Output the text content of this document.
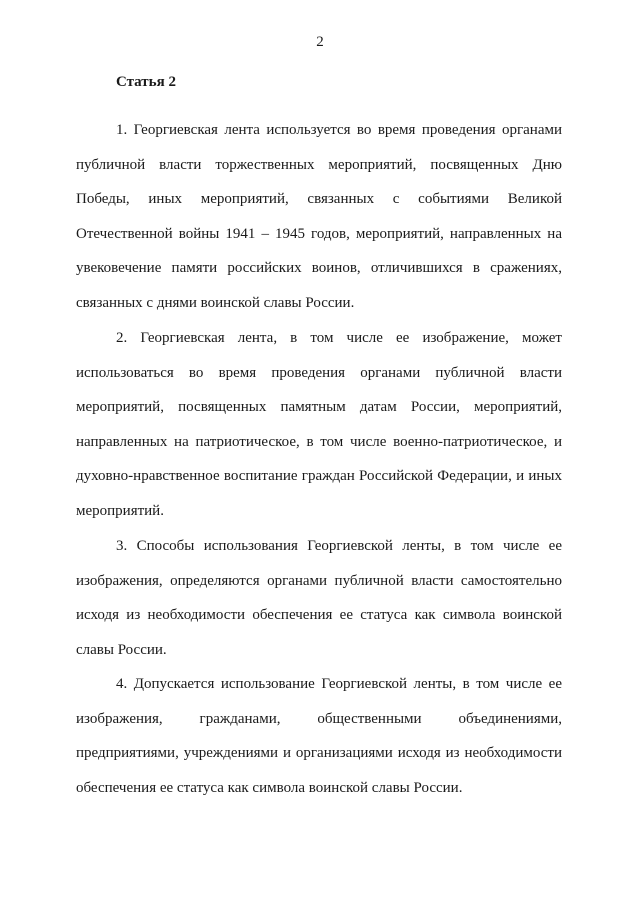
2
Статья 2

1. Георгиевская лента используется во время проведения органами публичной власти торжественных мероприятий, посвященных Дню Победы, иных мероприятий, связанных с событиями Великой Отечественной войны 1941 – 1945 годов, мероприятий, направленных на увековечение памяти российских воинов, отличившихся в сражениях, связанных с днями воинской славы России.

2. Георгиевская лента, в том числе ее изображение, может использоваться во время проведения органами публичной власти мероприятий, посвященных памятным датам России, мероприятий, направленных на патриотическое, в том числе военно-патриотическое, и духовно-нравственное воспитание граждан Российской Федерации, и иных мероприятий.

3. Способы использования Георгиевской ленты, в том числе ее изображения, определяются органами публичной власти самостоятельно исходя из необходимости обеспечения ее статуса как символа воинской славы России.

4. Допускается использование Георгиевской ленты, в том числе ее изображения, гражданами, общественными объединениями, предприятиями, учреждениями и организациями исходя из необходимости обеспечения ее статуса как символа воинской славы России.
